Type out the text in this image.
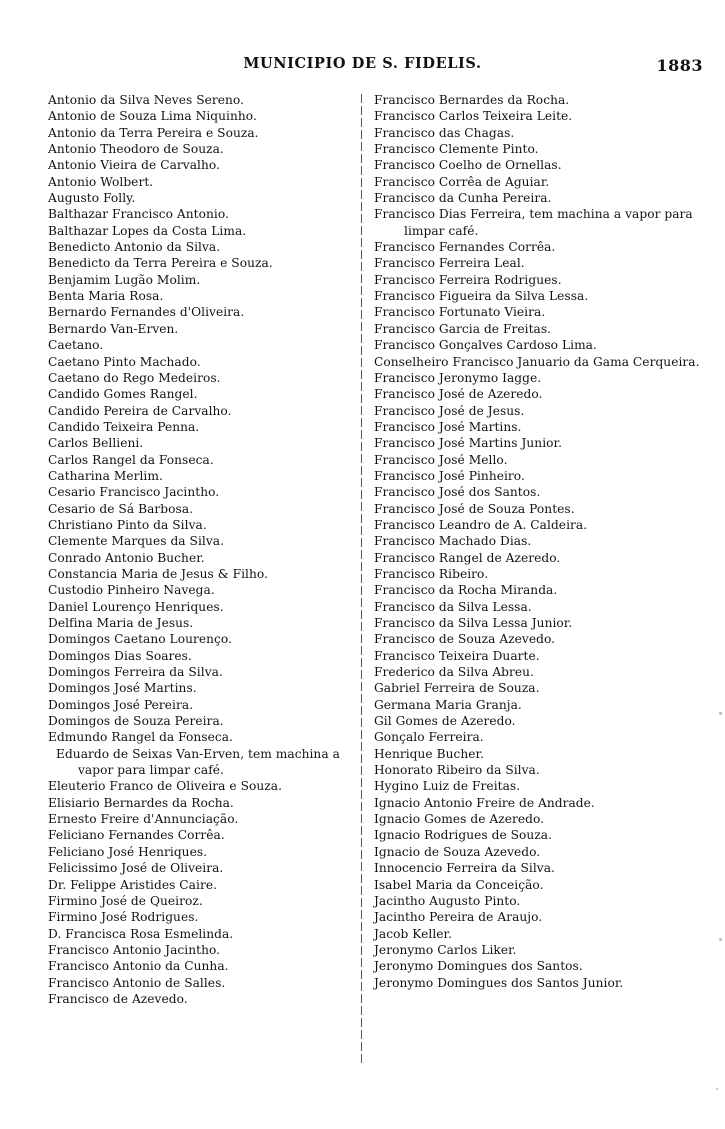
MUNICIPIO DE S. FIDELIS.	1883
Antonio da Silva Neves Sereno.
Antonio de Souza Lima Niquinho.
Antonio da Terra Pereira e Souza.
Antonio Theodoro de Souza.
Antonio Vieira de Carvalho.
Antonio Wolbert.
Augusto Folly.
Balthazar Francisco Antonio.
Balthazar Lopes da Costa Lima.
Benedicto Antonio da Silva.
Benedicto da Terra Pereira e Souza.
Benjamim Lugão Molim.
Benta Maria Rosa.
Bernardo Fernandes d'Oliveira.
Bernardo Van-Erven.
Caetano.
Caetano Pinto Machado.
Caetano do Rego Medeiros.
Candido Gomes Rangel.
Candido Pereira de Carvalho.
Candido Teixeira Penna.
Carlos Bellieni.
Carlos Rangel da Fonseca.
Catharina Merlim.
Cesario Francisco Jacintho.
Cesario de Sá Barbosa.
Christiano Pinto da Silva.
Clemente Marques da Silva.
Conrado Antonio Bucher.
Constancia Maria de Jesus & Filho.
Custodio Pinheiro Navega.
Daniel Lourenço Henriques.
Delfina Maria de Jesus.
Domingos Caetano Lourenço.
Domingos Dias Soares.
Domingos Ferreira da Silva.
Domingos José Martins.
Domingos José Pereira.
Domingos de Souza Pereira.
Edmundo Rangel da Fonseca.
Eduardo de Seixas Van-Erven, tem machina a vapor para limpar café.
Eleuterio Franco de Oliveira e Souza.
Elisiario Bernardes da Rocha.
Ernesto Freire d'Annunciação.
Feliciano Fernandes Corrêa.
Feliciano José Henriques.
Felicissimo José de Oliveira.
Dr. Felippe Aristides Caire.
Firmino José de Queiroz.
Firmino José Rodrigues.
D. Francisca Rosa Esmelinda.
Francisco Antonio Jacintho.
Francisco Antonio da Cunha.
Francisco Antonio de Salles.
Francisco de Azevedo.
Francisco Bernardes da Rocha.
Francisco Carlos Teixeira Leite.
Francisco das Chagas.
Francisco Clemente Pinto.
Francisco Coelho de Ornellas.
Francisco Corrêa de Aguiar.
Francisco da Cunha Pereira.
Francisco Dias Ferreira, tem machina a vapor para limpar café.
Francisco Fernandes Corrêa.
Francisco Ferreira Leal.
Francisco Ferreira Rodrigues.
Francisco Figueira da Silva Lessa.
Francisco Fortunato Vieira.
Francisco Garcia de Freitas.
Francisco Gonçalves Cardoso Lima.
Conselheiro Francisco Januario da Gama Cerqueira.
Francisco Jeronymo Iagge.
Francisco José de Azeredo.
Francisco José de Jesus.
Francisco José Martins.
Francisco José Martins Junior.
Francisco José Mello.
Francisco José Pinheiro.
Francisco José dos Santos.
Francisco José de Souza Pontes.
Francisco Leandro de A. Caldeira.
Francisco Machado Dias.
Francisco Rangel de Azeredo.
Francisco Ribeiro.
Francisco da Rocha Miranda.
Francisco da Silva Lessa.
Francisco da Silva Lessa Junior.
Francisco de Souza Azevedo.
Francisco Teixeira Duarte.
Frederico da Silva Abreu.
Gabriel Ferreira de Souza.
Germana Maria Granja.
Gil Gomes de Azeredo.
Gonçalo Ferreira.
Henrique Bucher.
Honorato Ribeiro da Silva.
Hygino Luiz de Freitas.
Ignacio Antonio Freire de Andrade.
Ignacio Gomes de Azeredo.
Ignacio Rodrigues de Souza.
Ignacio de Souza Azevedo.
Innocencio Ferreira da Silva.
Isabel Maria da Conceição.
Jacintho Augusto Pinto.
Jacintho Pereira de Araujo.
Jacob Keller.
Jeronymo Carlos Liker.
Jeronymo Domingues dos Santos.
Jeronymo Domingues dos Santos Junior.
